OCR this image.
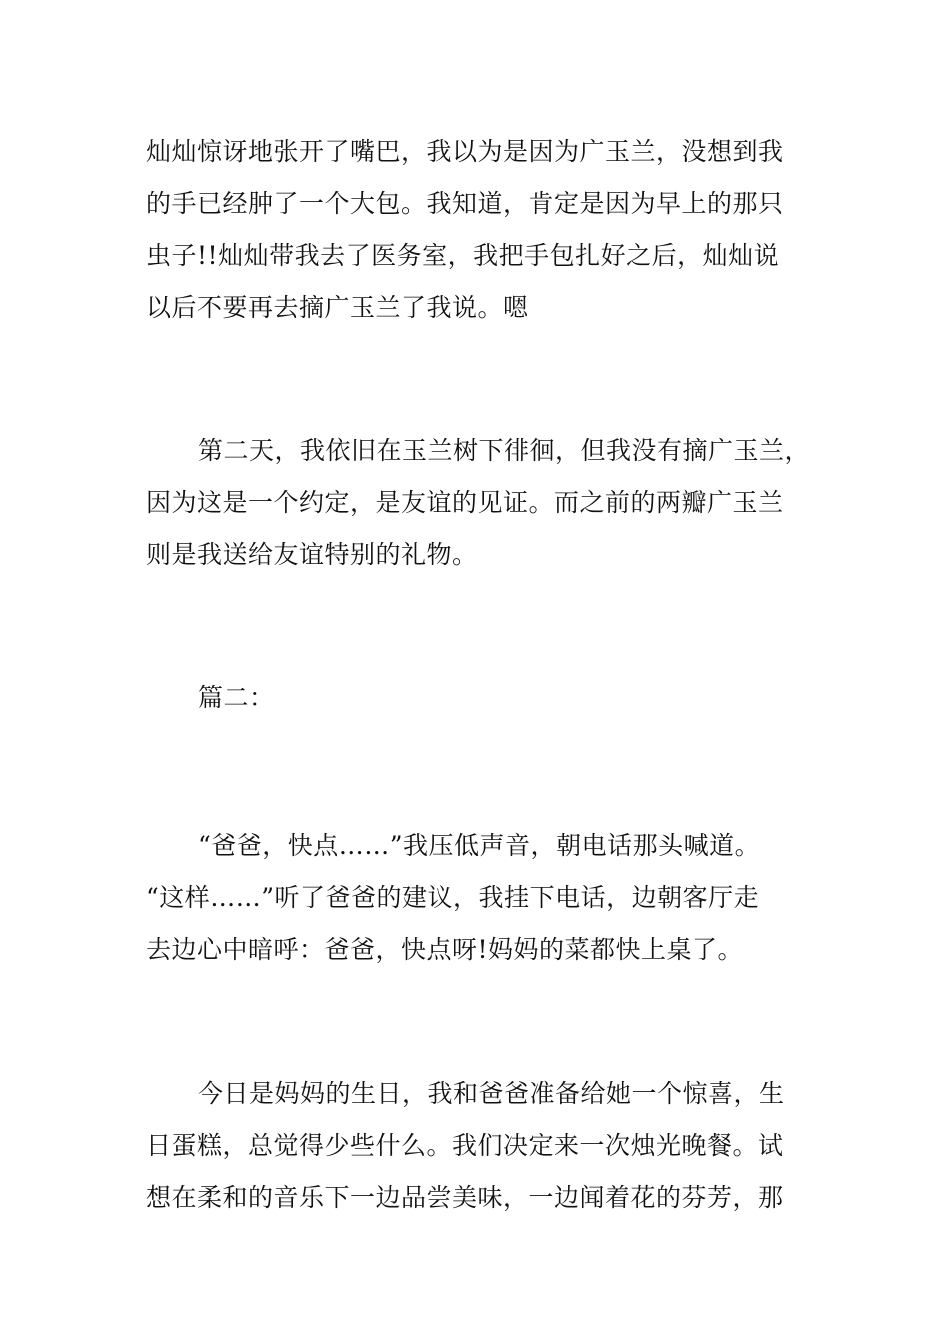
灿灿惊讶地张开了嘴巴，我以为是因为广玉兰，没想到我
的手已经肿了一个大包。我知道，肯定是因为早上的那只
虫子!!灿灿带我去了医务室，我把手包扎好之后，灿灿说
以后不要再去摘广玉兰了我说。嗯

第二天，我依旧在玉兰树下徘徊，但我没有摘广玉兰，
因为这是一个约定，是友谊的见证。而之前的两瓣广玉兰
则是我送给友谊特别的礼物。

篇二：

“爸爸，快点……”我压低声音，朝电话那头喊道。
“这样……”听了爸爸的建议，我挂下电话，边朝客厅走
去边心中暗呼：爸爸，快点呀!妈妈的菜都快上桌了。

今日是妈妈的生日，我和爸爸准备给她一个惊喜，生
日蛋糕，总觉得少些什么。我们决定来一次烛光晚餐。试
想在柔和的音乐下一边品尝美味，一边闻着花的芬芳，那
